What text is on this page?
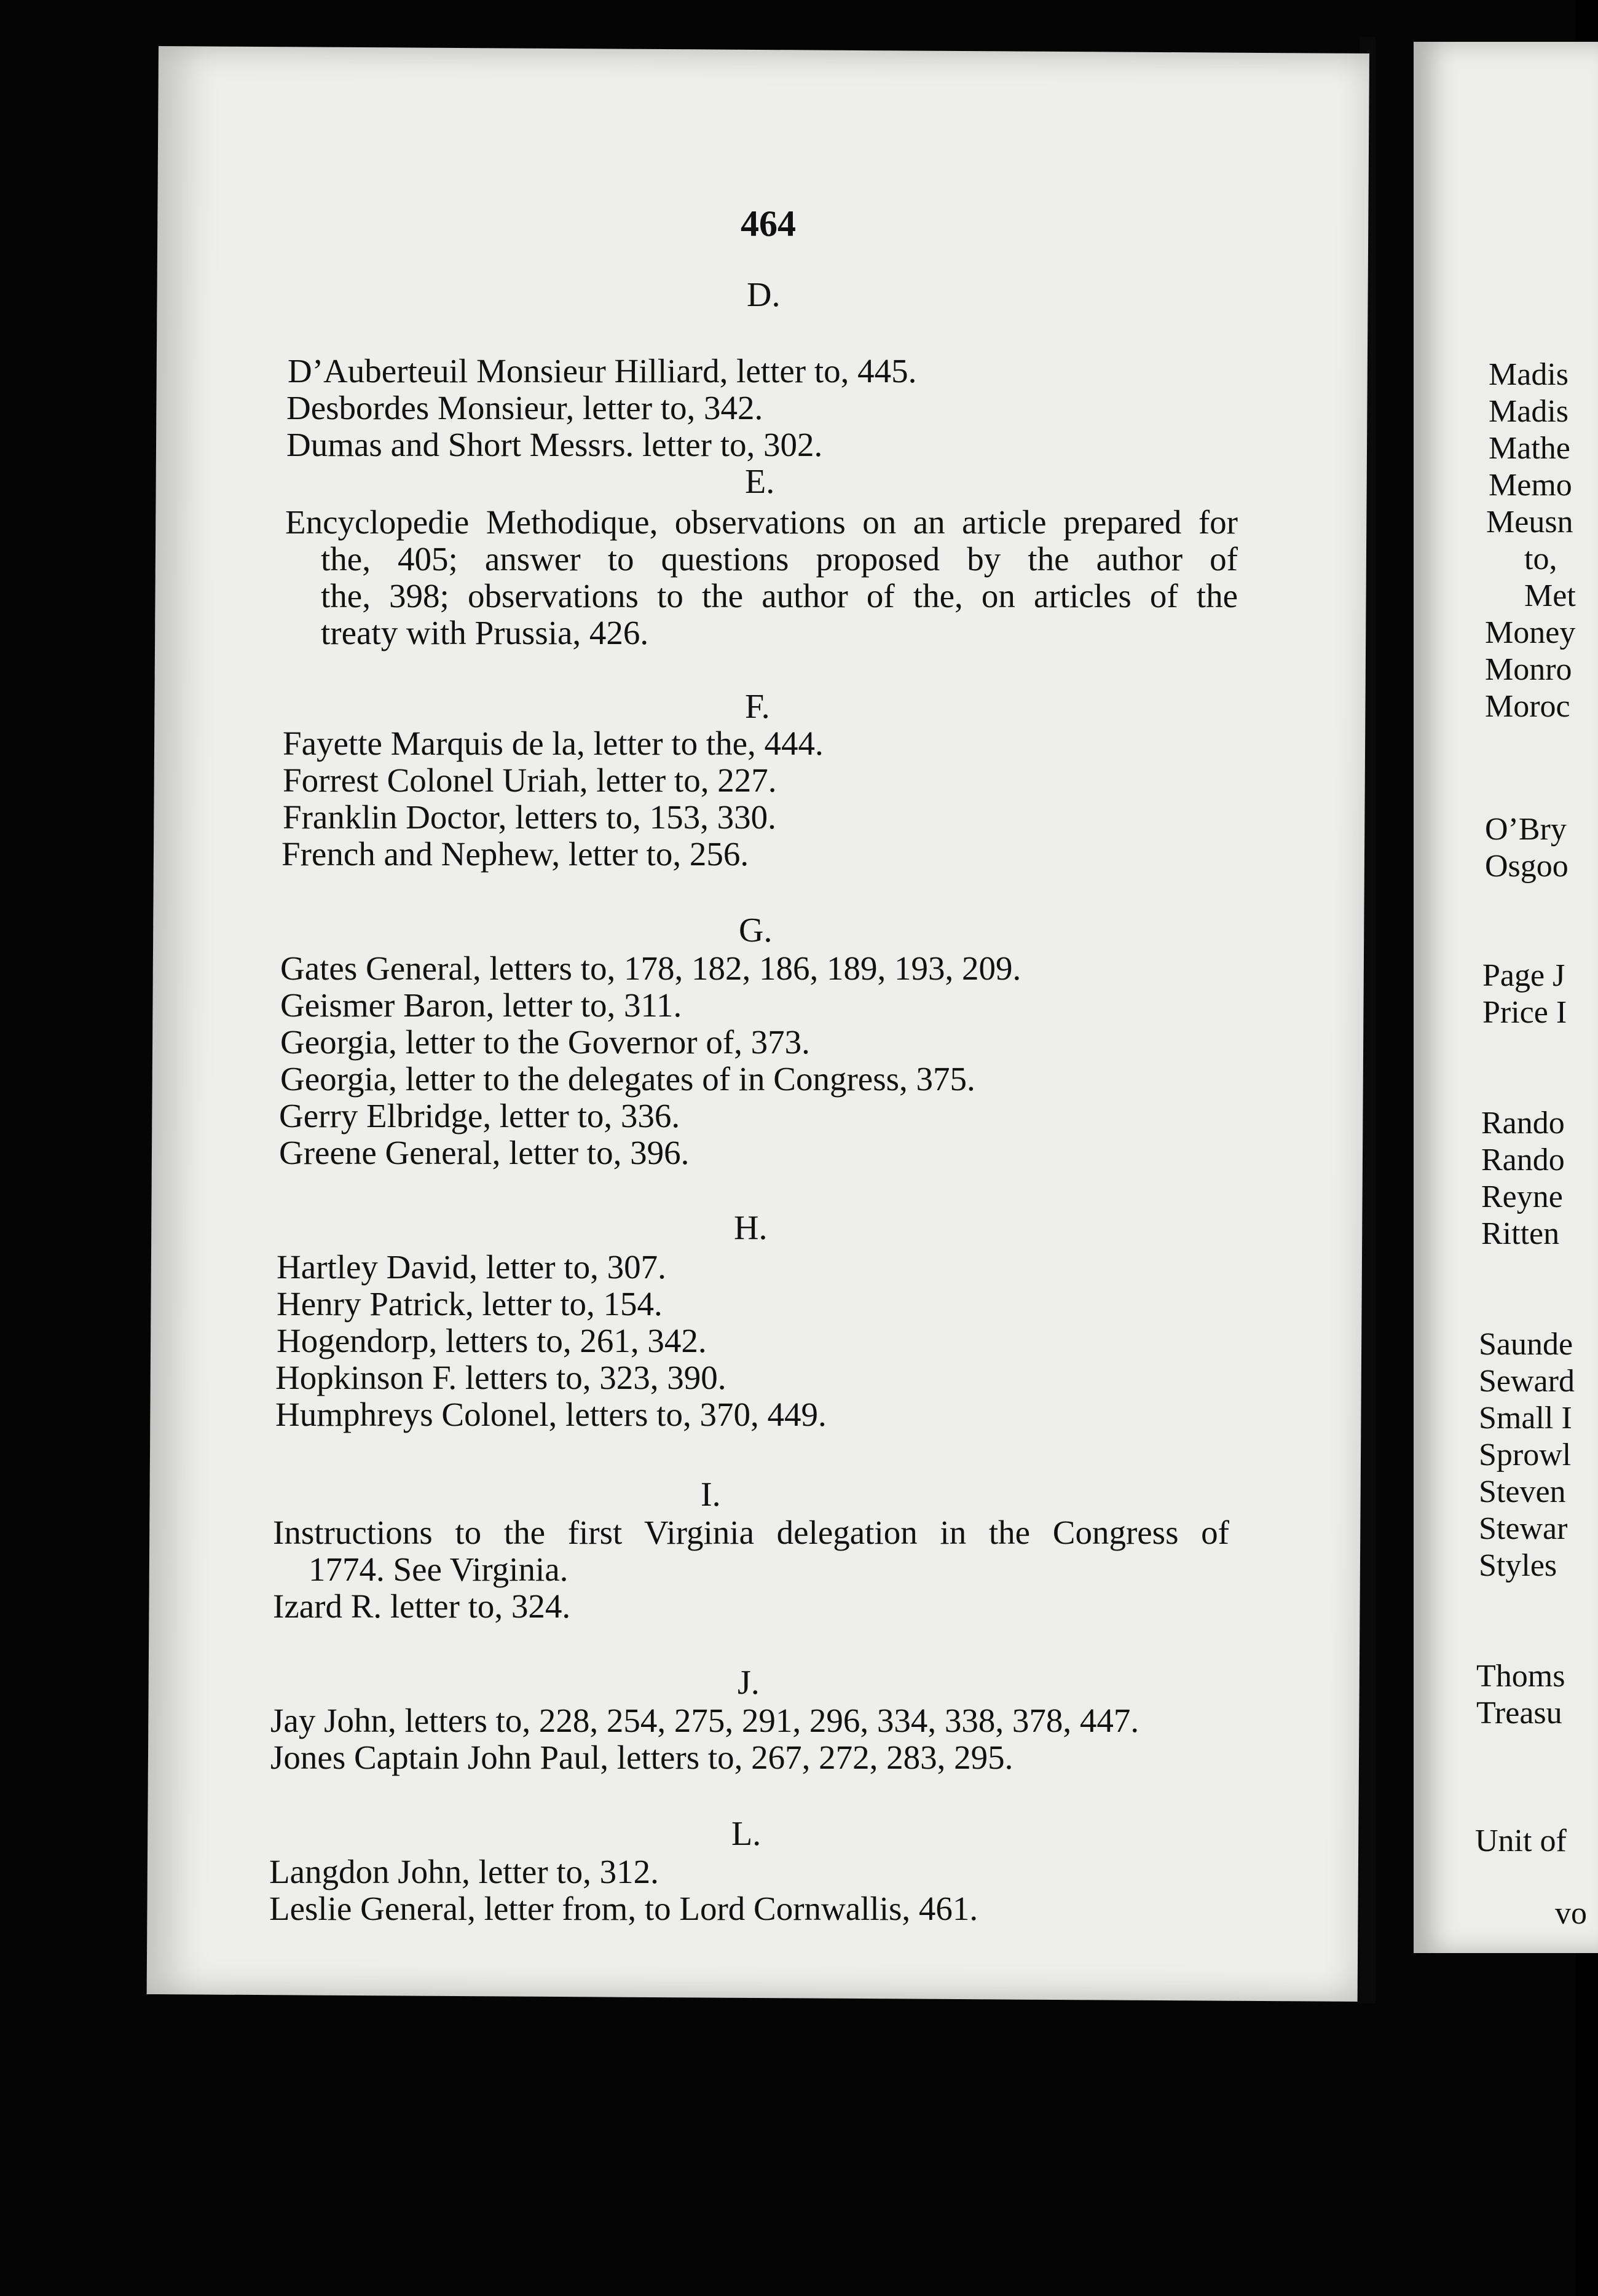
Madis
Madis
Mathe
Memo
Meusn
to,
Met
Money
Monro
Moroc
O’Bry
Osgoo
Page J
Price I
Rando
Rando
Reyne
Ritten
Saunde
Seward
Small I
Sprowl
Steven
Stewar
Styles
Thoms
Treasu
Unit of
vo
464
D.
D’Auberteuil Monsieur Hilliard, letter to, 445.
Desbordes Monsieur, letter to, 342.
Dumas and Short Messrs. letter to, 302.
E.
Encyclopedie Methodique, observations on an article prepared for
the, 405; answer to questions proposed by the author of
the, 398; observations to the author of the, on articles of the
treaty with Prussia, 426.
F.
Fayette Marquis de la, letter to the, 444.
Forrest Colonel Uriah, letter to, 227.
Franklin Doctor, letters to, 153, 330.
French and Nephew, letter to, 256.
G.
Gates General, letters to, 178, 182, 186, 189, 193, 209.
Geismer Baron, letter to, 311.
Georgia, letter to the Governor of, 373.
Georgia, letter to the delegates of in Congress, 375.
Gerry Elbridge, letter to, 336.
Greene General, letter to, 396.
H.
Hartley David, letter to, 307.
Henry Patrick, letter to, 154.
Hogendorp, letters to, 261, 342.
Hopkinson F. letters to, 323, 390.
Humphreys Colonel, letters to, 370, 449.
I.
Instructions to the first Virginia delegation in the Congress of
1774. See Virginia.
Izard R. letter to, 324.
J.
Jay John, letters to, 228, 254, 275, 291, 296, 334, 338, 378, 447.
Jones Captain John Paul, letters to, 267, 272, 283, 295.
L.
Langdon John, letter to, 312.
Leslie General, letter from, to Lord Cornwallis, 461.
